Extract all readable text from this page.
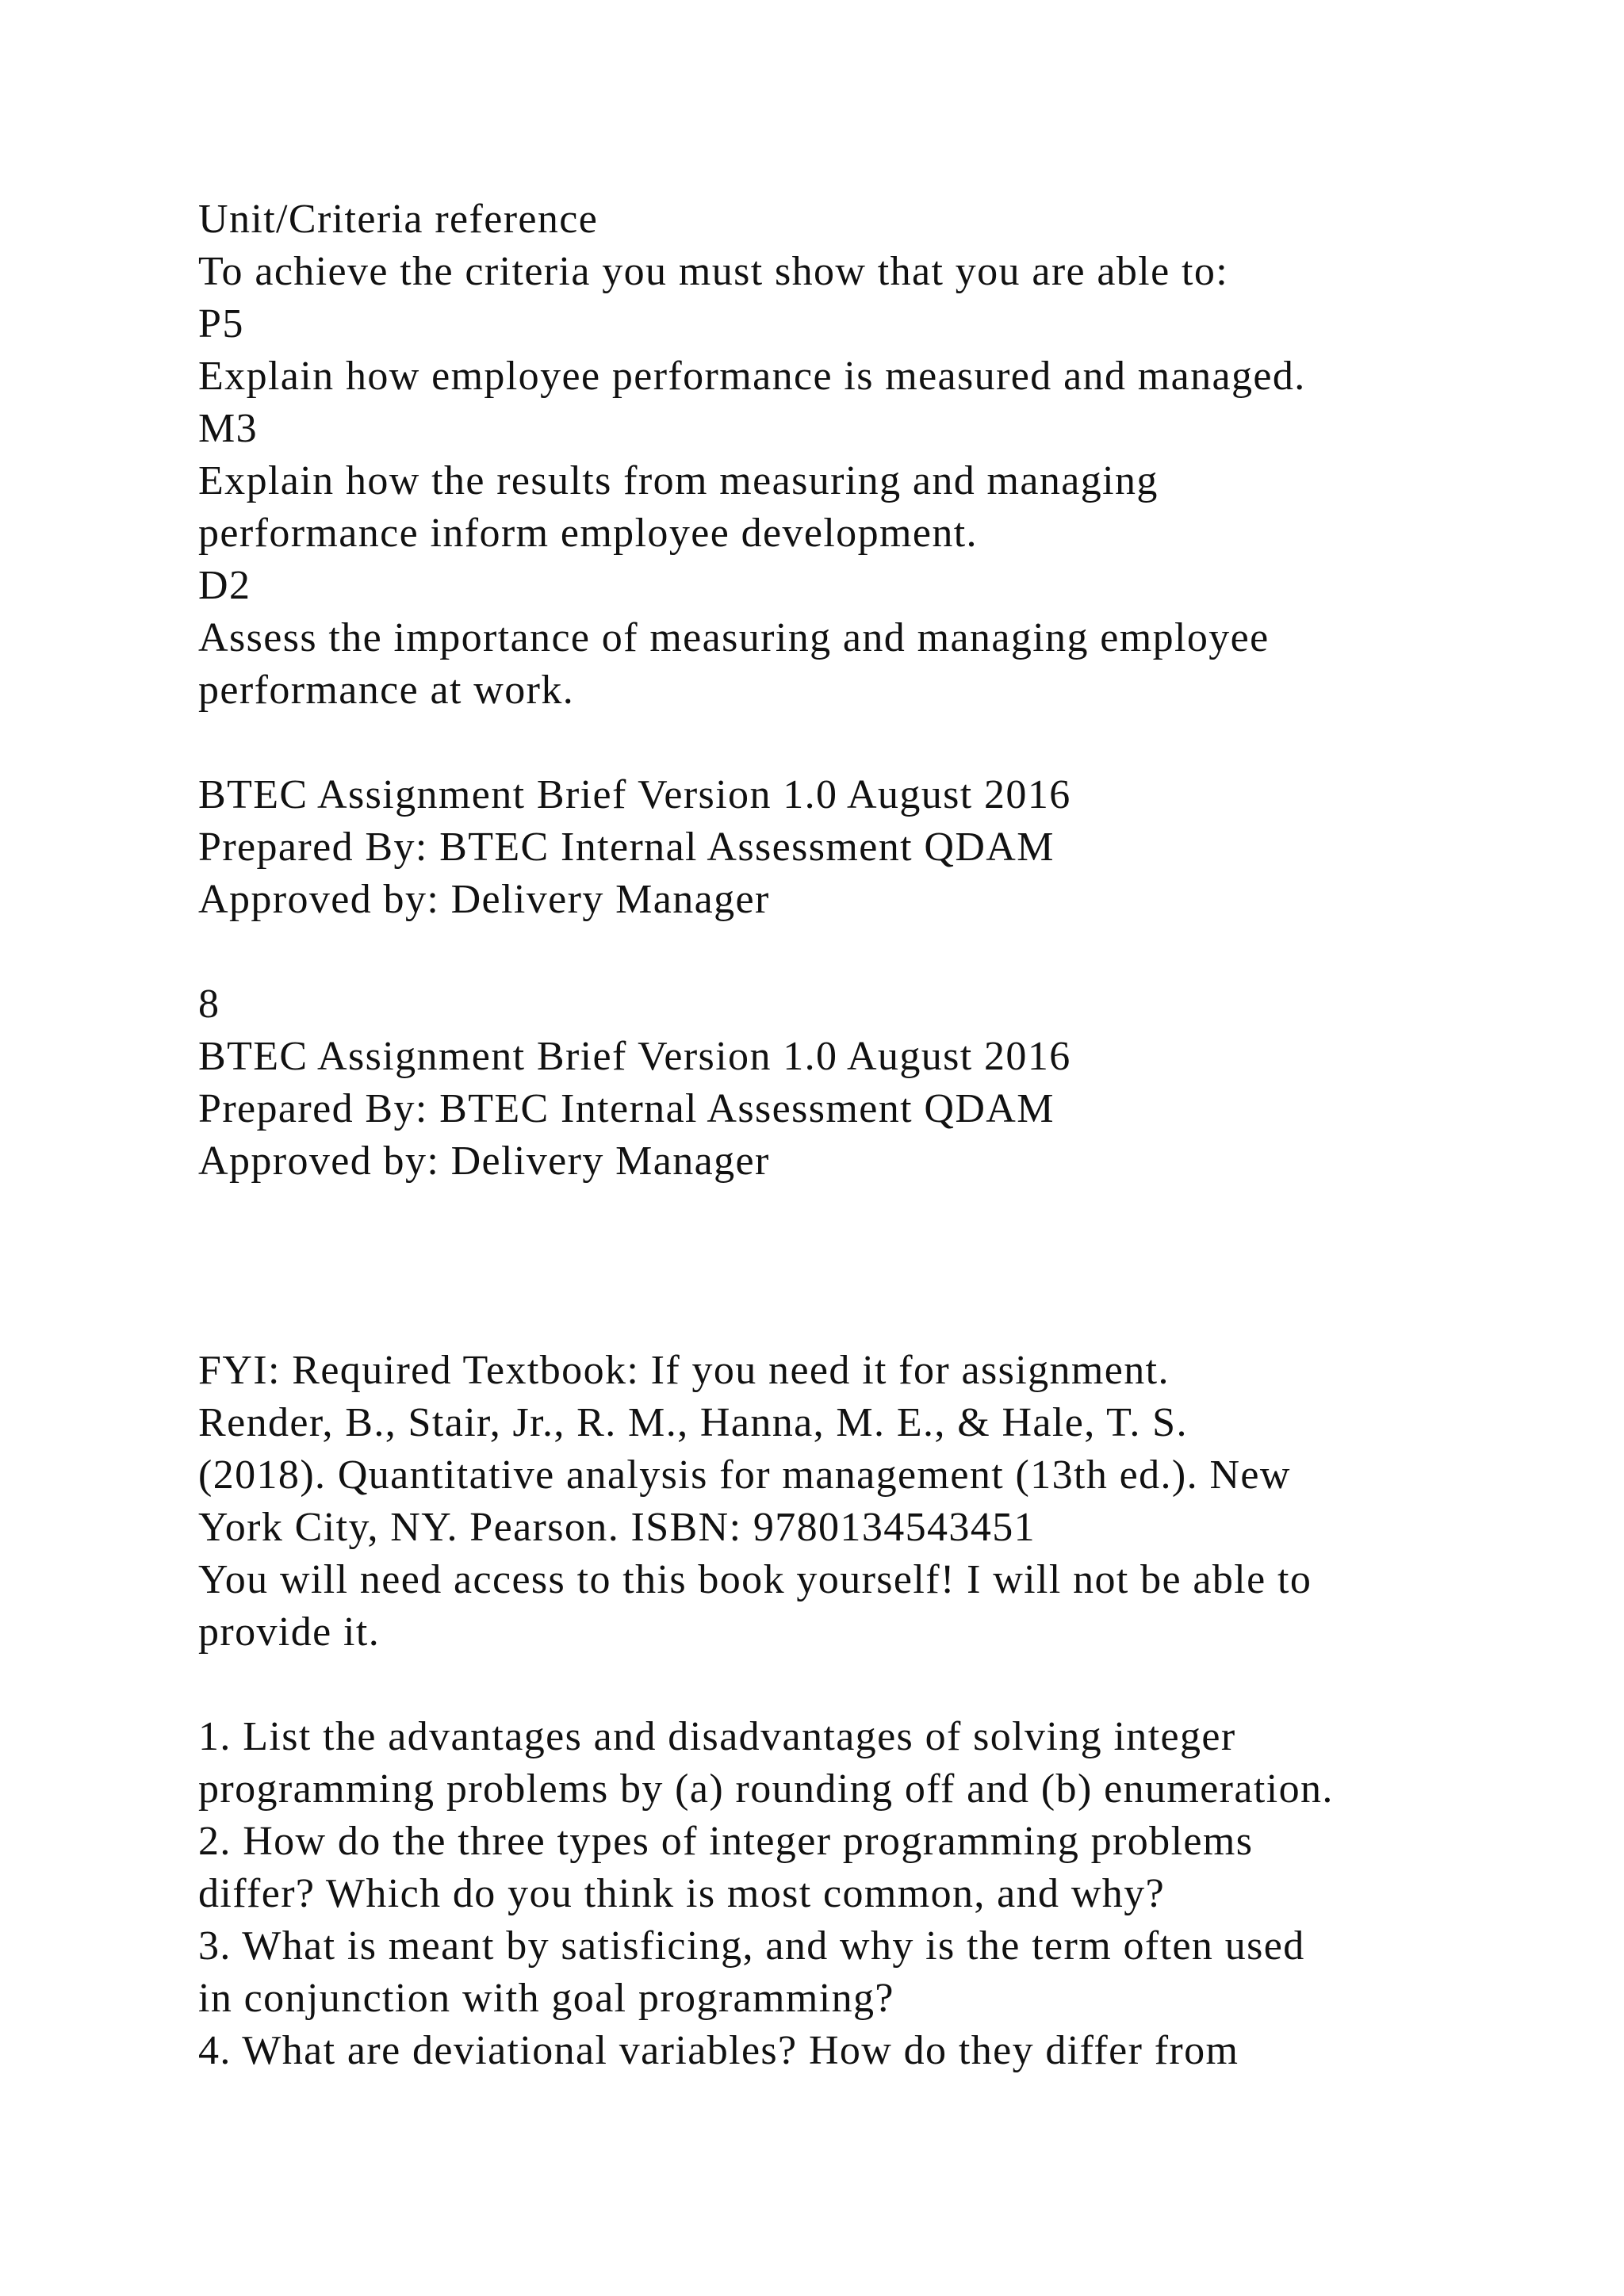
Unit/Criteria reference
To achieve the criteria you must show that you are able to:
P5
Explain how employee performance is measured and managed.
M3
Explain how the results from measuring and managing
performance inform employee development.
D2
Assess the importance of measuring and managing employee
performance at work.
BTEC Assignment Brief Version 1.0 August 2016
Prepared By: BTEC Internal Assessment QDAM
Approved by: Delivery Manager
8
BTEC Assignment Brief Version 1.0 August 2016
Prepared By: BTEC Internal Assessment QDAM
Approved by: Delivery Manager
FYI: Required Textbook: If you need it for assignment.
Render, B., Stair, Jr., R. M., Hanna, M. E., & Hale, T. S.
(2018). Quantitative analysis for management (13th ed.). New
York City, NY. Pearson. ISBN: 9780134543451
You will need access to this book yourself! I will not be able to
provide it.
1. List the advantages and disadvantages of solving integer
programming problems by (a) rounding off and (b) enumeration.
2. How do the three types of integer programming problems
differ? Which do you think is most common, and why?
3. What is meant by satisficing, and why is the term often used
in conjunction with goal programming?
4. What are deviational variables? How do they differ from
